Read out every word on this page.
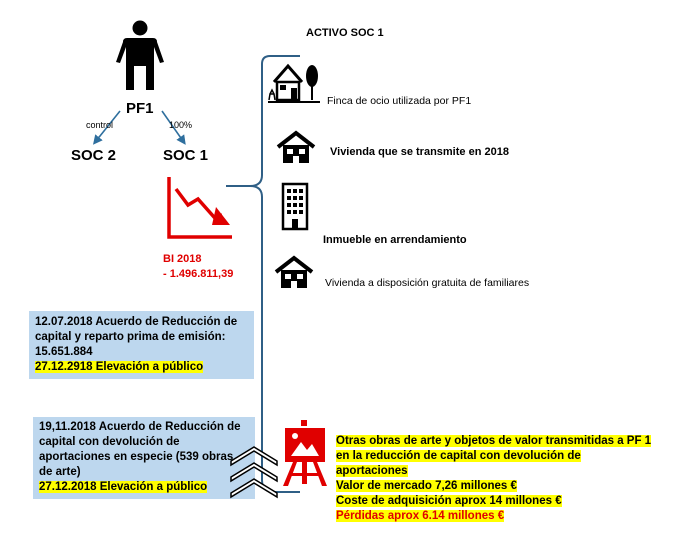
PF1
control	100%
SOC 2	SOC 1
BI 2018
- 1.496.811,39
ACTIVO SOC 1
Finca de ocio utilizada por PF1
Vivienda que se transmite en 2018
Inmueble en arrendamiento
Vivienda a disposición gratuita de familiares
12.07.2018 Acuerdo de Reducción de
capital y reparto prima de emisión:
15.651.884
27.12.2918 Elevación a público
19,11.2018 Acuerdo de Reducción de
capital con devolución de
aportaciones en especie (539 obras
de arte)
27.12.2018 Elevación a público
Otras obras de arte y objetos de valor transmitidas a PF 1
en la reducción de capital con devolución de
aportaciones
Valor de mercado 7,26 millones €
Coste de adquisición aprox 14 millones €
Pérdidas aprox 6.14 millones €
